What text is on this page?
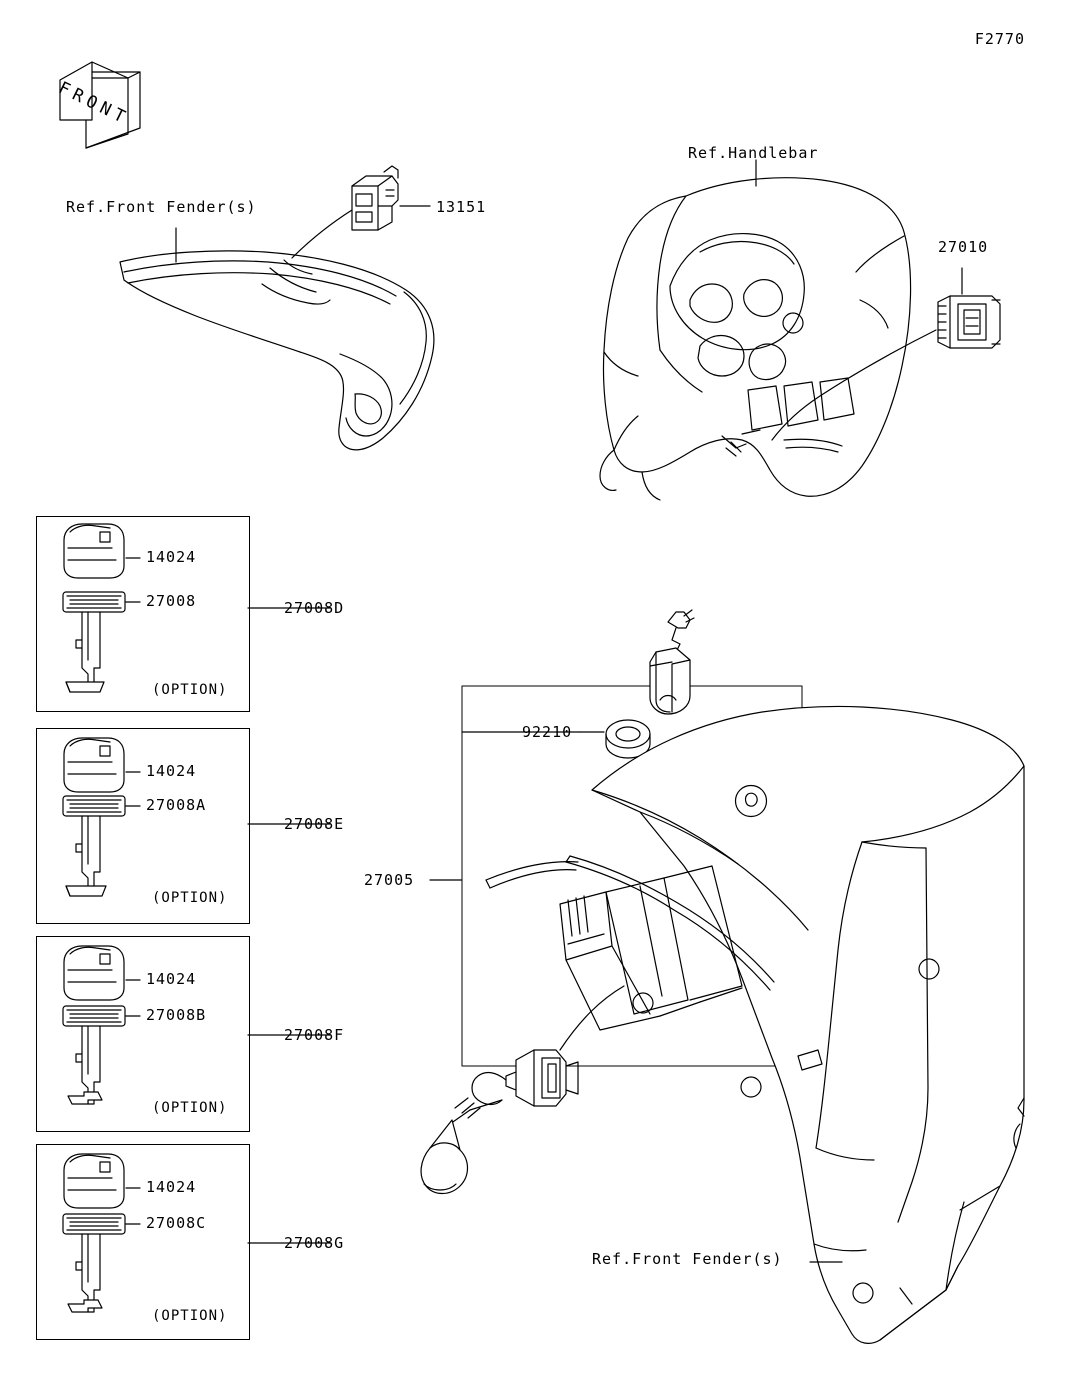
F2770
Ref.Front Fender(s)
Ref.Handlebar
Ref.Front Fender(s)
13151
27010
92210
27005
14024
27008	27008D
(OPTION)
14024
27008A
27008E
(OPTION)
14024
27008B
27008F
(OPTION)
14024
27008C
27008G
(OPTION)
FRONT
